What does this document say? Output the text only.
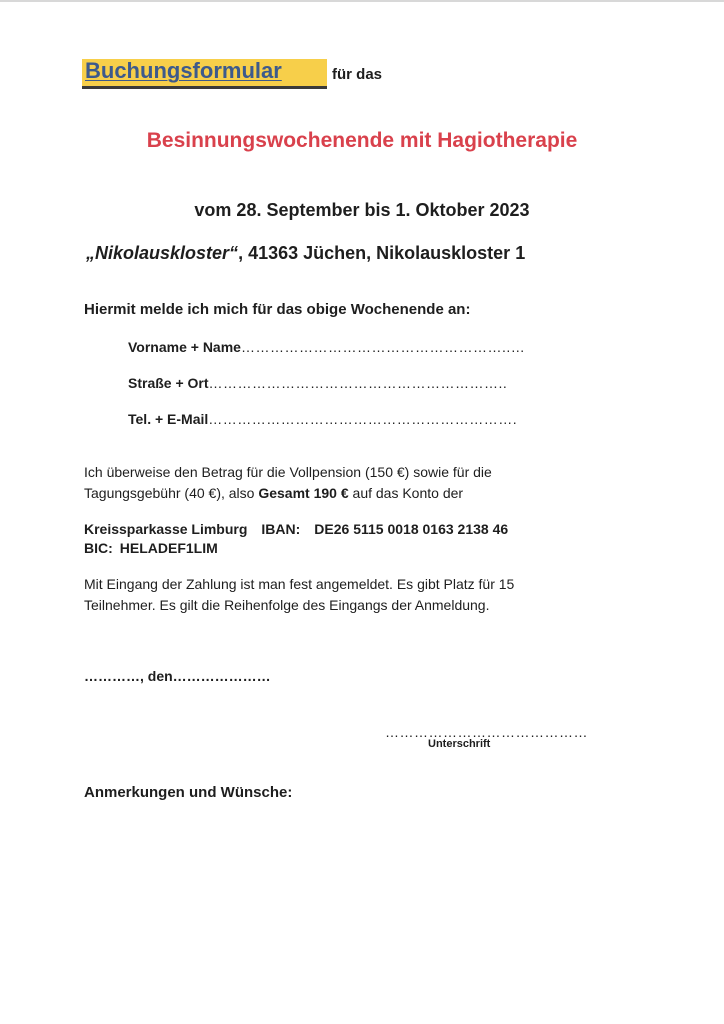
Buchungsformular	für das
Besinnungswochenende mit Hagiotherapie
vom 28. September bis 1. Oktober 2023
„Nikolauskloster“, 41363 Jüchen, Nikolauskloster 1
Hiermit melde ich mich für das obige Wochenende an:
Vorname + Name………………………………………………..…
Straße + Ort……………………………………………………..
Tel. + E-Mail……………………………………………………….
Ich überweise den Betrag für die Vollpension (150 €) sowie für die
Tagungsgebühr (40 €), also Gesamt 190 € auf das Konto der
Kreissparkasse Limburg IBAN: DE26 5115 0018 0163 2138 46
BIC: HELADEF1LIM
Mit Eingang der Zahlung ist man fest angemeldet. Es gibt Platz für 15
Teilnehmer. Es gilt die Reihenfolge des Eingangs der Anmeldung.
…………, den…………………
……………………………………
Unterschrift
Anmerkungen und Wünsche:
